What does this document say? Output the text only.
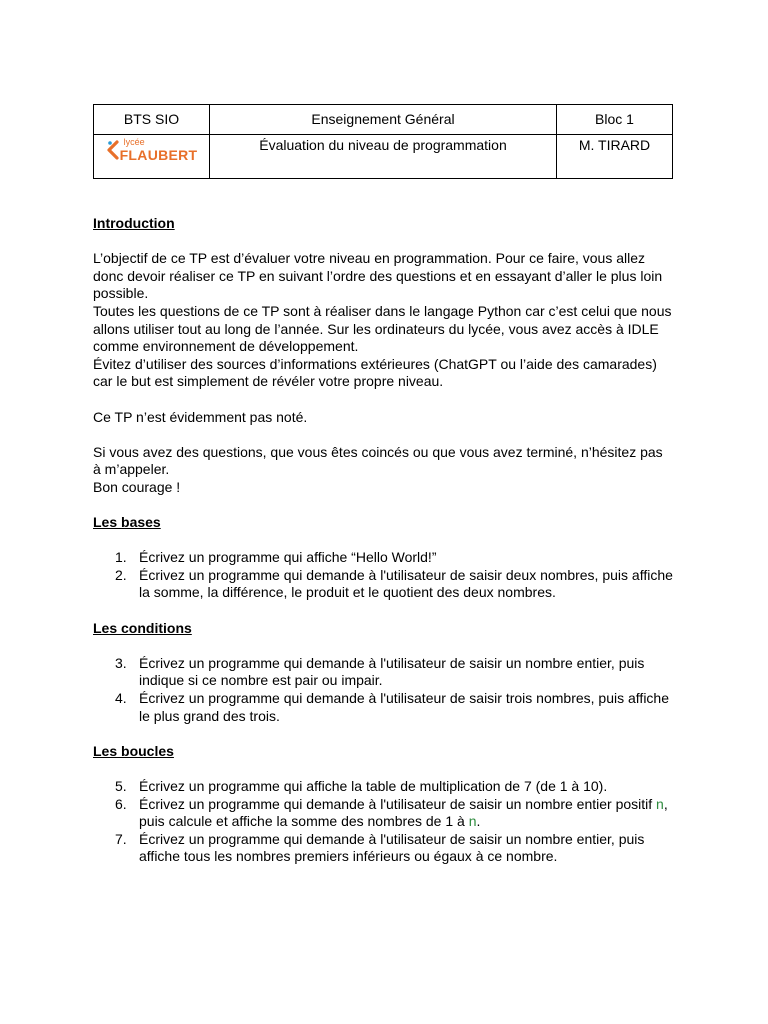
BTS SIO	Enseignement Général	Bloc 1

lycée
FLAUBERT	Évaluation du niveau de programmation	M. TIRARD

Introduction

L’objectif de ce TP est d’évaluer votre niveau en programmation. Pour ce faire, vous allez donc devoir réaliser ce TP en suivant l’ordre des questions et en essayant d’aller le plus loin possible.

Toutes les questions de ce TP sont à réaliser dans le langage Python car c’est celui que nous allons utiliser tout au long de l’année. Sur les ordinateurs du lycée, vous avez accès à IDLE comme environnement de développement.

Évitez d’utiliser des sources d’informations extérieures (ChatGPT ou l’aide des camarades) car le but est simplement de révéler votre propre niveau.

Ce TP n’est évidemment pas noté.

Si vous avez des questions, que vous êtes coincés ou que vous avez terminé, n’hésitez pas à m’appeler.

Bon courage !

Les bases

1. Écrivez un programme qui affiche “Hello World!”
2. Écrivez un programme qui demande à l'utilisateur de saisir deux nombres, puis affiche la somme, la différence, le produit et le quotient des deux nombres.

Les conditions

3. Écrivez un programme qui demande à l'utilisateur de saisir un nombre entier, puis indique si ce nombre est pair ou impair.
4. Écrivez un programme qui demande à l'utilisateur de saisir trois nombres, puis affiche le plus grand des trois.

Les boucles

5. Écrivez un programme qui affiche la table de multiplication de 7 (de 1 à 10).
6. Écrivez un programme qui demande à l'utilisateur de saisir un nombre entier positif n, puis calcule et affiche la somme des nombres de 1 à n.
7. Écrivez un programme qui demande à l'utilisateur de saisir un nombre entier, puis affiche tous les nombres premiers inférieurs ou égaux à ce nombre.
